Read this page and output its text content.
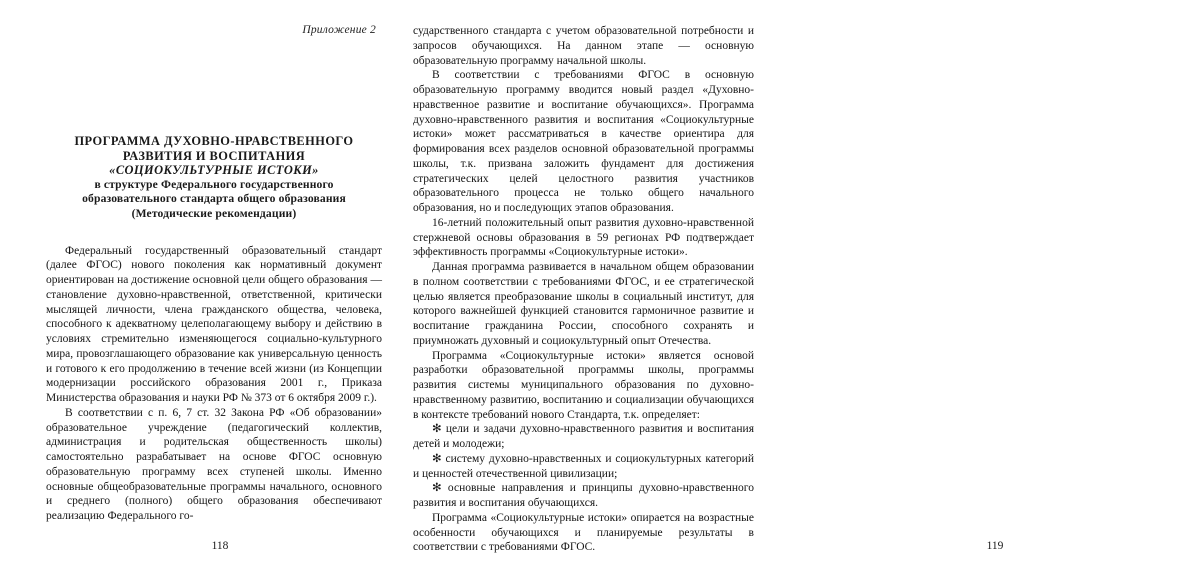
Приложение 2
ПРОГРАММА ДУХОВНО-НРАВСТВЕННОГО
РАЗВИТИЯ И ВОСПИТАНИЯ
«СОЦИОКУЛЬТУРНЫЕ ИСТОКИ»
в структуре Федерального государственного
образовательного стандарта общего образования
(Методические рекомендации)

Федеральный государственный образовательный стандарт (далее ФГОС) нового поколения как нормативный документ ориентирован на достижение основной цели общего образования — становление духовно-нравственной, ответственной, критически мыслящей личности, члена гражданского общества, человека, способного к адекватному целеполагающему выбору и действию в условиях стремительно изменяющегося социально-культурного мира, провозглашающего образование как универсальную ценность и готового к его продолжению в течение всей жизни (из Концепции модернизации российского образования 2001 г., Приказа Министерства образования и науки РФ № 373 от 6 октября 2009 г.).

В соответствии с п. 6, 7 ст. 32 Закона РФ «Об образовании» образовательное учреждение (педагогический коллектив, администрация и родительская общественность школы) самостоятельно разрабатывает на основе ФГОС основную образовательную программу всех ступеней школы. Именно основные общеобразовательные программы начального, основного и среднего (полного) общего образования обеспечивают реализацию Федерального го-

118

сударственного стандарта с учетом образовательной потребности и запросов обучающихся. На данном этапе — основную образовательную программу начальной школы.

В соответствии с требованиями ФГОС в основную образовательную программу вводится новый раздел «Духовно-нравственное развитие и воспитание обучающихся». Программа духовно-нравственного развития и воспитания «Социокультурные истоки» может рассматриваться в качестве ориентира для формирования всех разделов основной образовательной программы школы, т.к. призвана заложить фундамент для достижения стратегических целей целостного развития участников образовательного процесса не только общего начального образования, но и последующих этапов образования.

16-летний положительный опыт развития духовно-нравственной стержневой основы образования в 59 регионах РФ подтверждает эффективность программы «Социокультурные истоки».

Данная программа развивается в начальном общем образовании в полном соответствии с требованиями ФГОС, и ее стратегической целью является преобразование школы в социальный институт, для которого важнейшей функцией становится гармоничное развитие и воспитание гражданина России, способного сохранять и приумножать духовный и социокультурный опыт Отечества.

Программа «Социокультурные истоки» является основой разработки образовательной программы школы, программы развития системы муниципального образования по духовно-нравственному развитию, воспитанию и социализации обучающихся в контексте требований нового Стандарта, т.к. определяет:

✻ цели и задачи духовно-нравственного развития и воспитания детей и молодежи;

✻ систему духовно-нравственных и социокультурных категорий и ценностей отечественной цивилизации;

✻ основные направления и принципы духовно-нравственного развития и воспитания обучающихся.

Программа «Социокультурные истоки» опирается на возрастные особенности обучающихся и планируемые результаты в соответствии с требованиями ФГОС.	119
